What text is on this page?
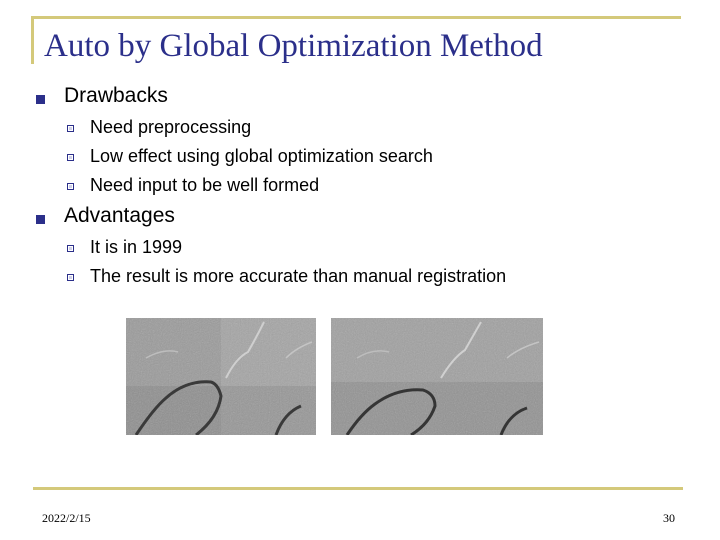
Auto by Global Optimization Method
Drawbacks
Need preprocessing
Low effect using global optimization search
Need input to be well formed
Advantages
It is in 1999
The result is more accurate than manual registration
2022/2/15	30
